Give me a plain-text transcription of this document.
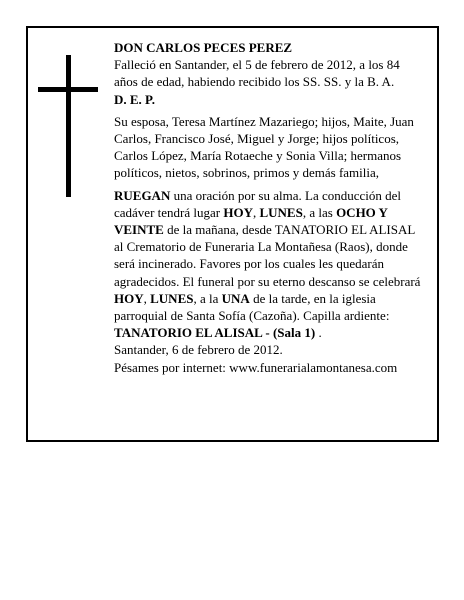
DON CARLOS PECES PEREZ

Falleció en Santander, el 5 de febrero de 2012, a los 84 años de edad, habiendo recibido los SS. SS. y la B. A.

D. E. P.

Su esposa, Teresa Martínez Mazariego; hijos, Maite, Juan Carlos, Francisco José, Miguel y Jorge; hijos políticos, Carlos López, María Rotaeche y Sonia Villa; hermanos políticos, nietos, sobrinos, primos y demás familia,

RUEGAN una oración por su alma. La conducción del cadáver tendrá lugar HOY, LUNES, a las OCHO Y VEINTE de la mañana, desde TANATORIO EL ALISAL al Crematorio de Funeraria La Montañesa (Raos), donde será incinerado. Favores por los cuales les quedarán agradecidos. El funeral por su eterno descanso se celebrará HOY, LUNES, a la UNA de la tarde, en la iglesia parroquial de Santa Sofía (Cazoña). Capilla ardiente: TANATORIO EL ALISAL - (Sala 1) .

Santander, 6 de febrero de 2012.

Pésames por internet: www.funerarialamontanesa.com
